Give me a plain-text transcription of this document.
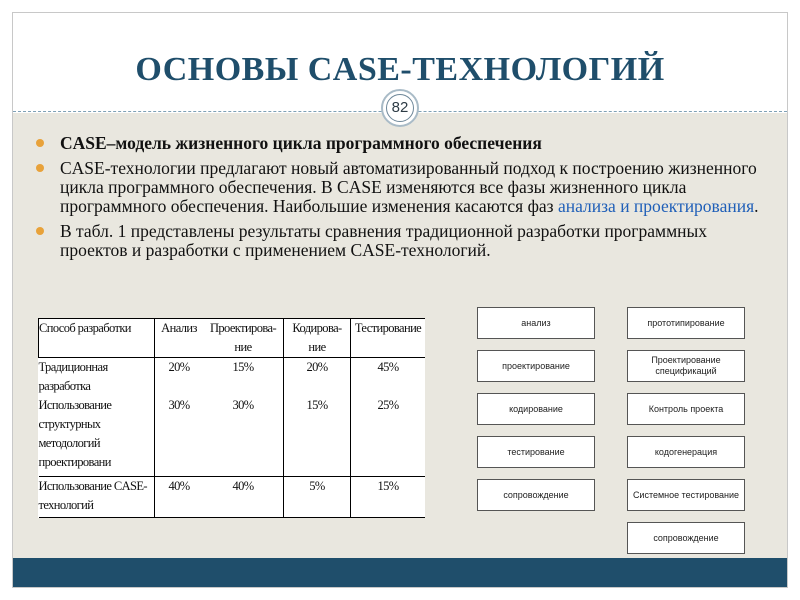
ОСНОВЫ CASE-ТЕХНОЛОГИЙ
82
CASE–модель жизненного цикла программного обеспечения
CASE-технологии предлагают новый автоматизированный подход к построению жизненного цикла программного обеспечения. В CASE изменяются все фазы жизненного цикла программного обеспечения. Наибольшие изменения касаются фаз анализа и проектирования.
В табл. 1 представлены результаты сравнения традиционной разработки программных проектов и разработки с применением CASE-технологий.
Способ разработки	Анализ	Проектирова-ние	Кодирова-ние	Тестирование
Традиционная разработка	20%	15%	20%	45%
Использование структурных методологий проектировани	30%	30%	15%	25%
Использование CASE-технологий	40%	40%	5%	15%
анализ
проектирование
кодирование
тестирование
сопровождение
прототипирование
Проектирование спецификаций
Контроль проекта
кодогенерация
Системное тестирование
сопровождение
